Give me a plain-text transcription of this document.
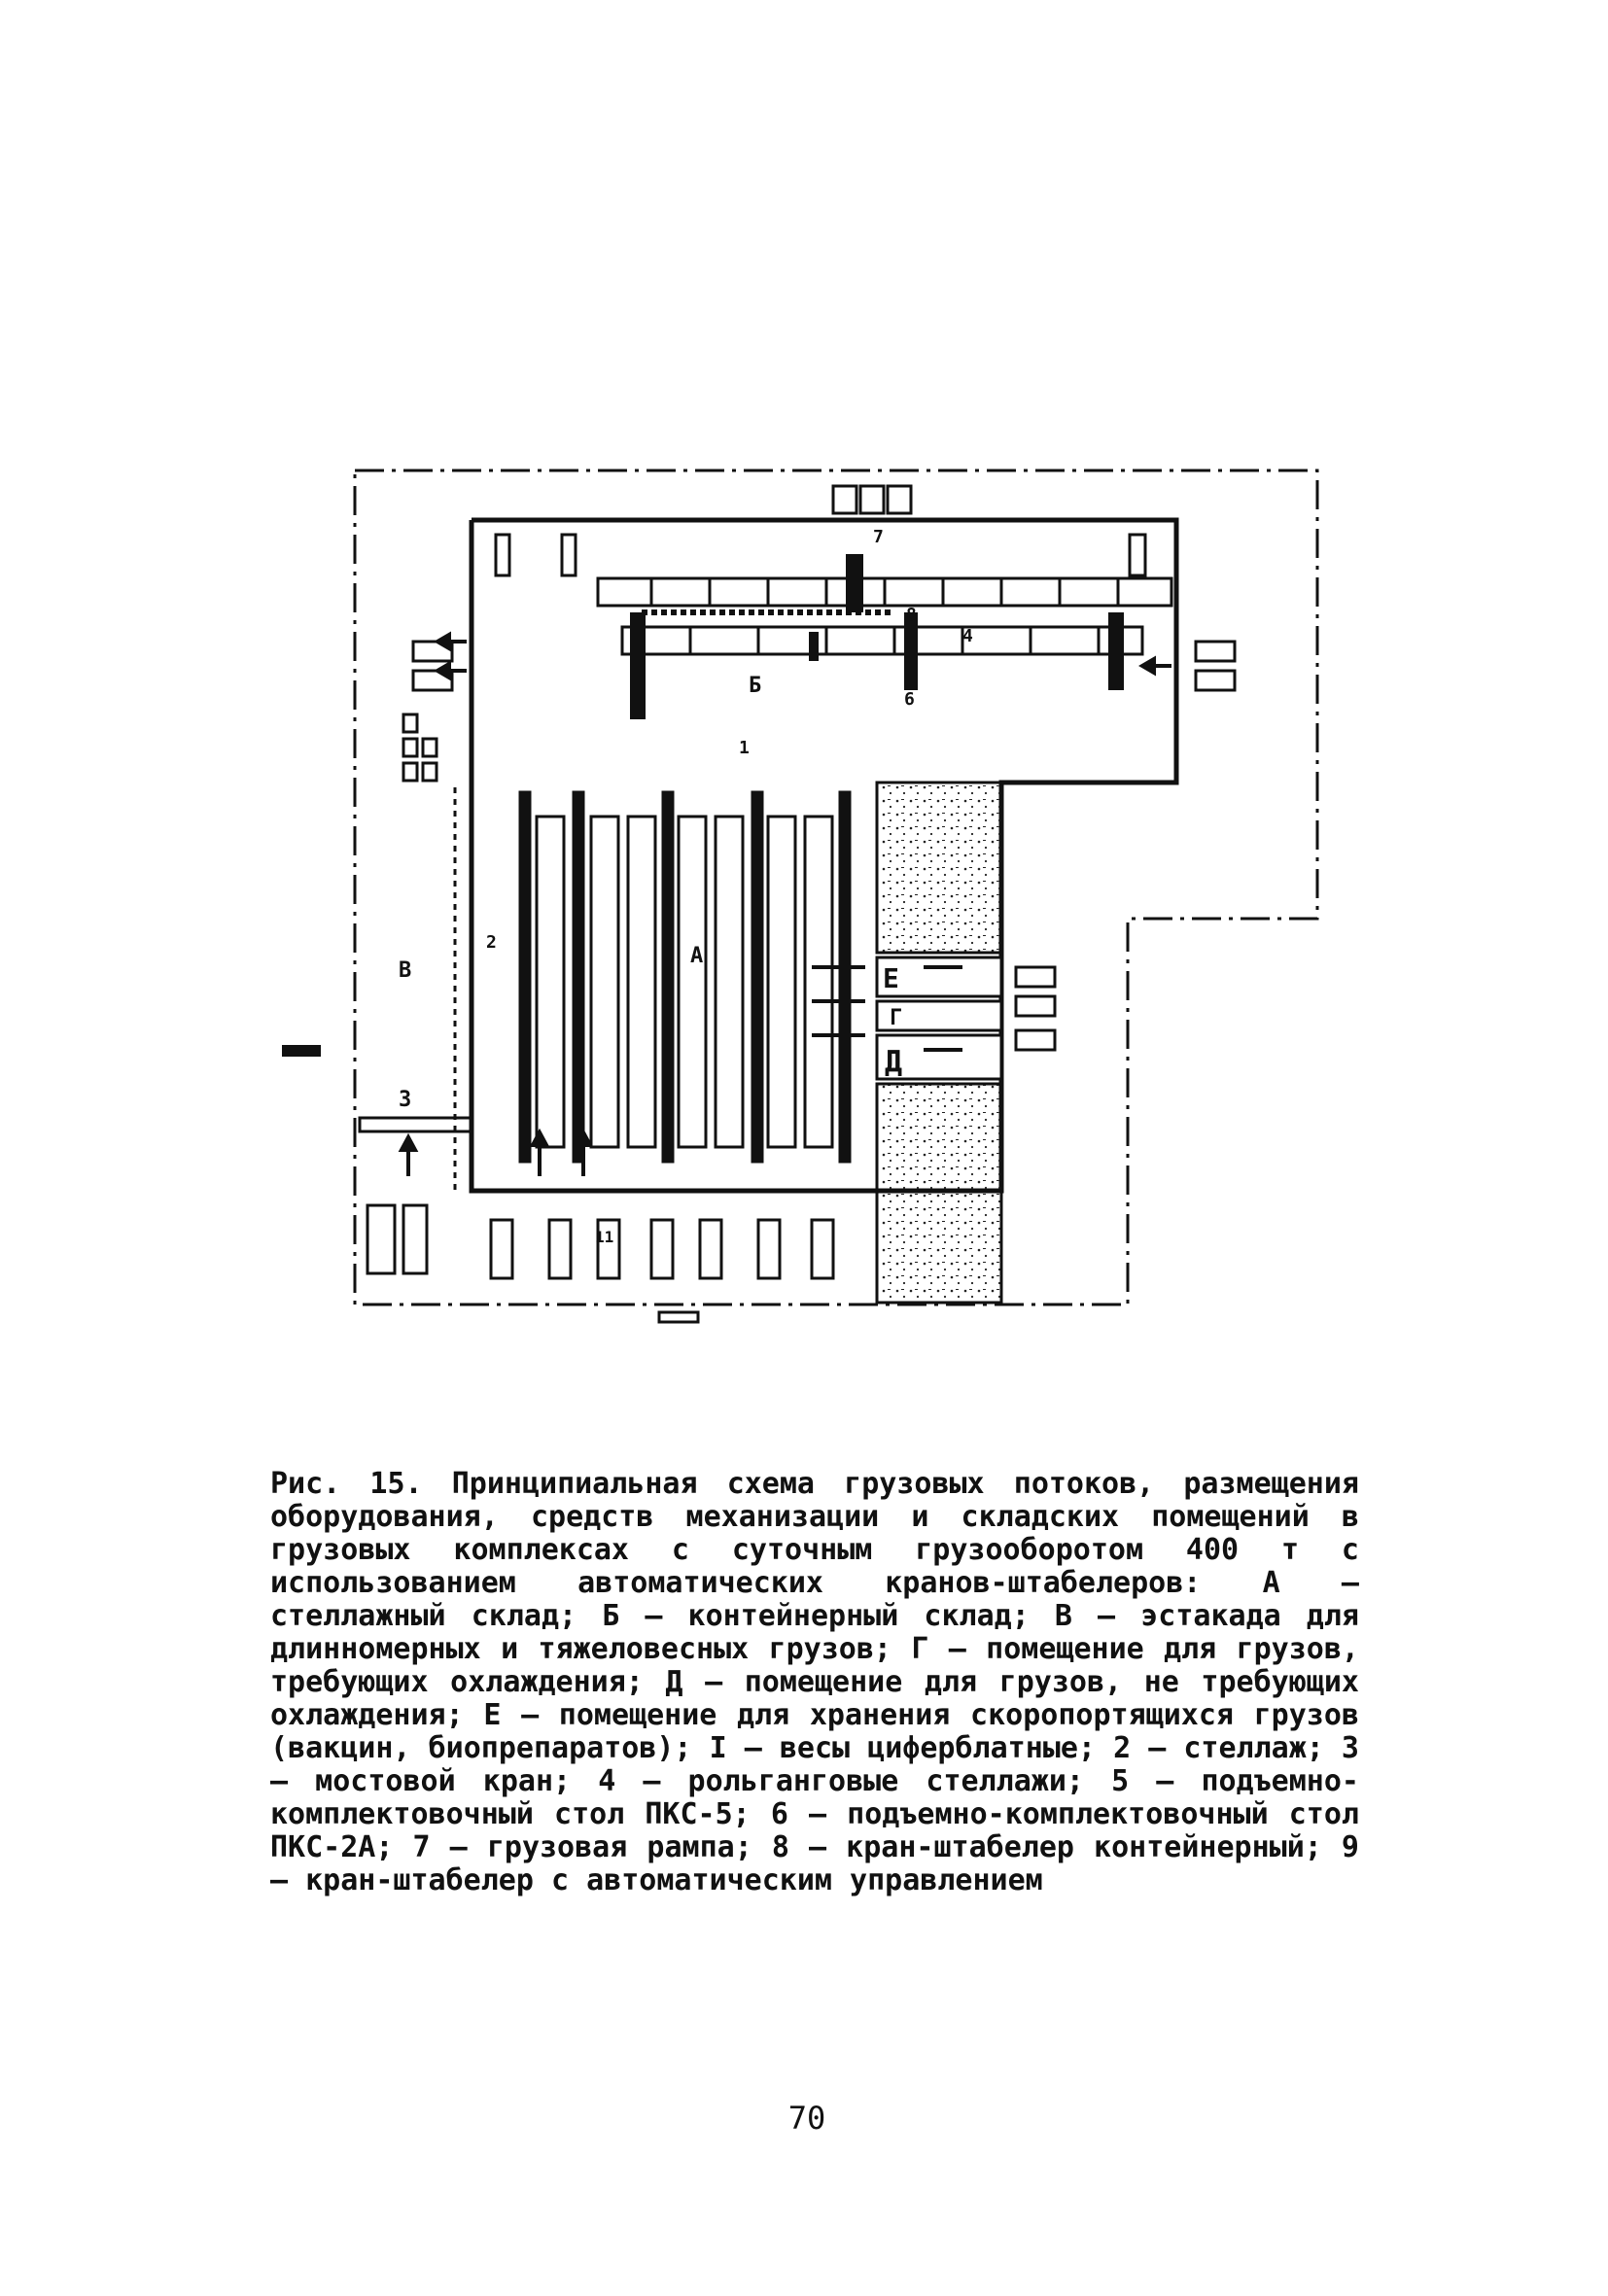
А
Б
В	Е
Г
Д
1
2
3
4
6
7
8
11

Рис. 15. Принципиальная схема грузовых потоков, размещения оборудования, средств механизации и складских помещений в грузовых комплексах с суточным грузооборотом 400 т с использованием автоматических кранов-штабелеров: А – стеллажный склад; Б – контейнерный склад; В – эстакада для длинномерных и тяжеловесных грузов; Г – помещение для грузов, требующих охлаждения; Д – помещение для грузов, не требующих охлаждения; Е – помещение для хранения скоропортящихся грузов (вакцин, биопрепаратов); I – весы циферблатные; 2 – стеллаж; 3 – мостовой кран; 4 – рольганговые стеллажи; 5 – подъемно-комплектовочный стол ПКС-5; 6 – подъемно-комплектовочный стол ПКС-2А; 7 – грузовая рампа; 8 – кран-штабелер контейнерный; 9 – кран-штабелер с автоматическим управлением

70
